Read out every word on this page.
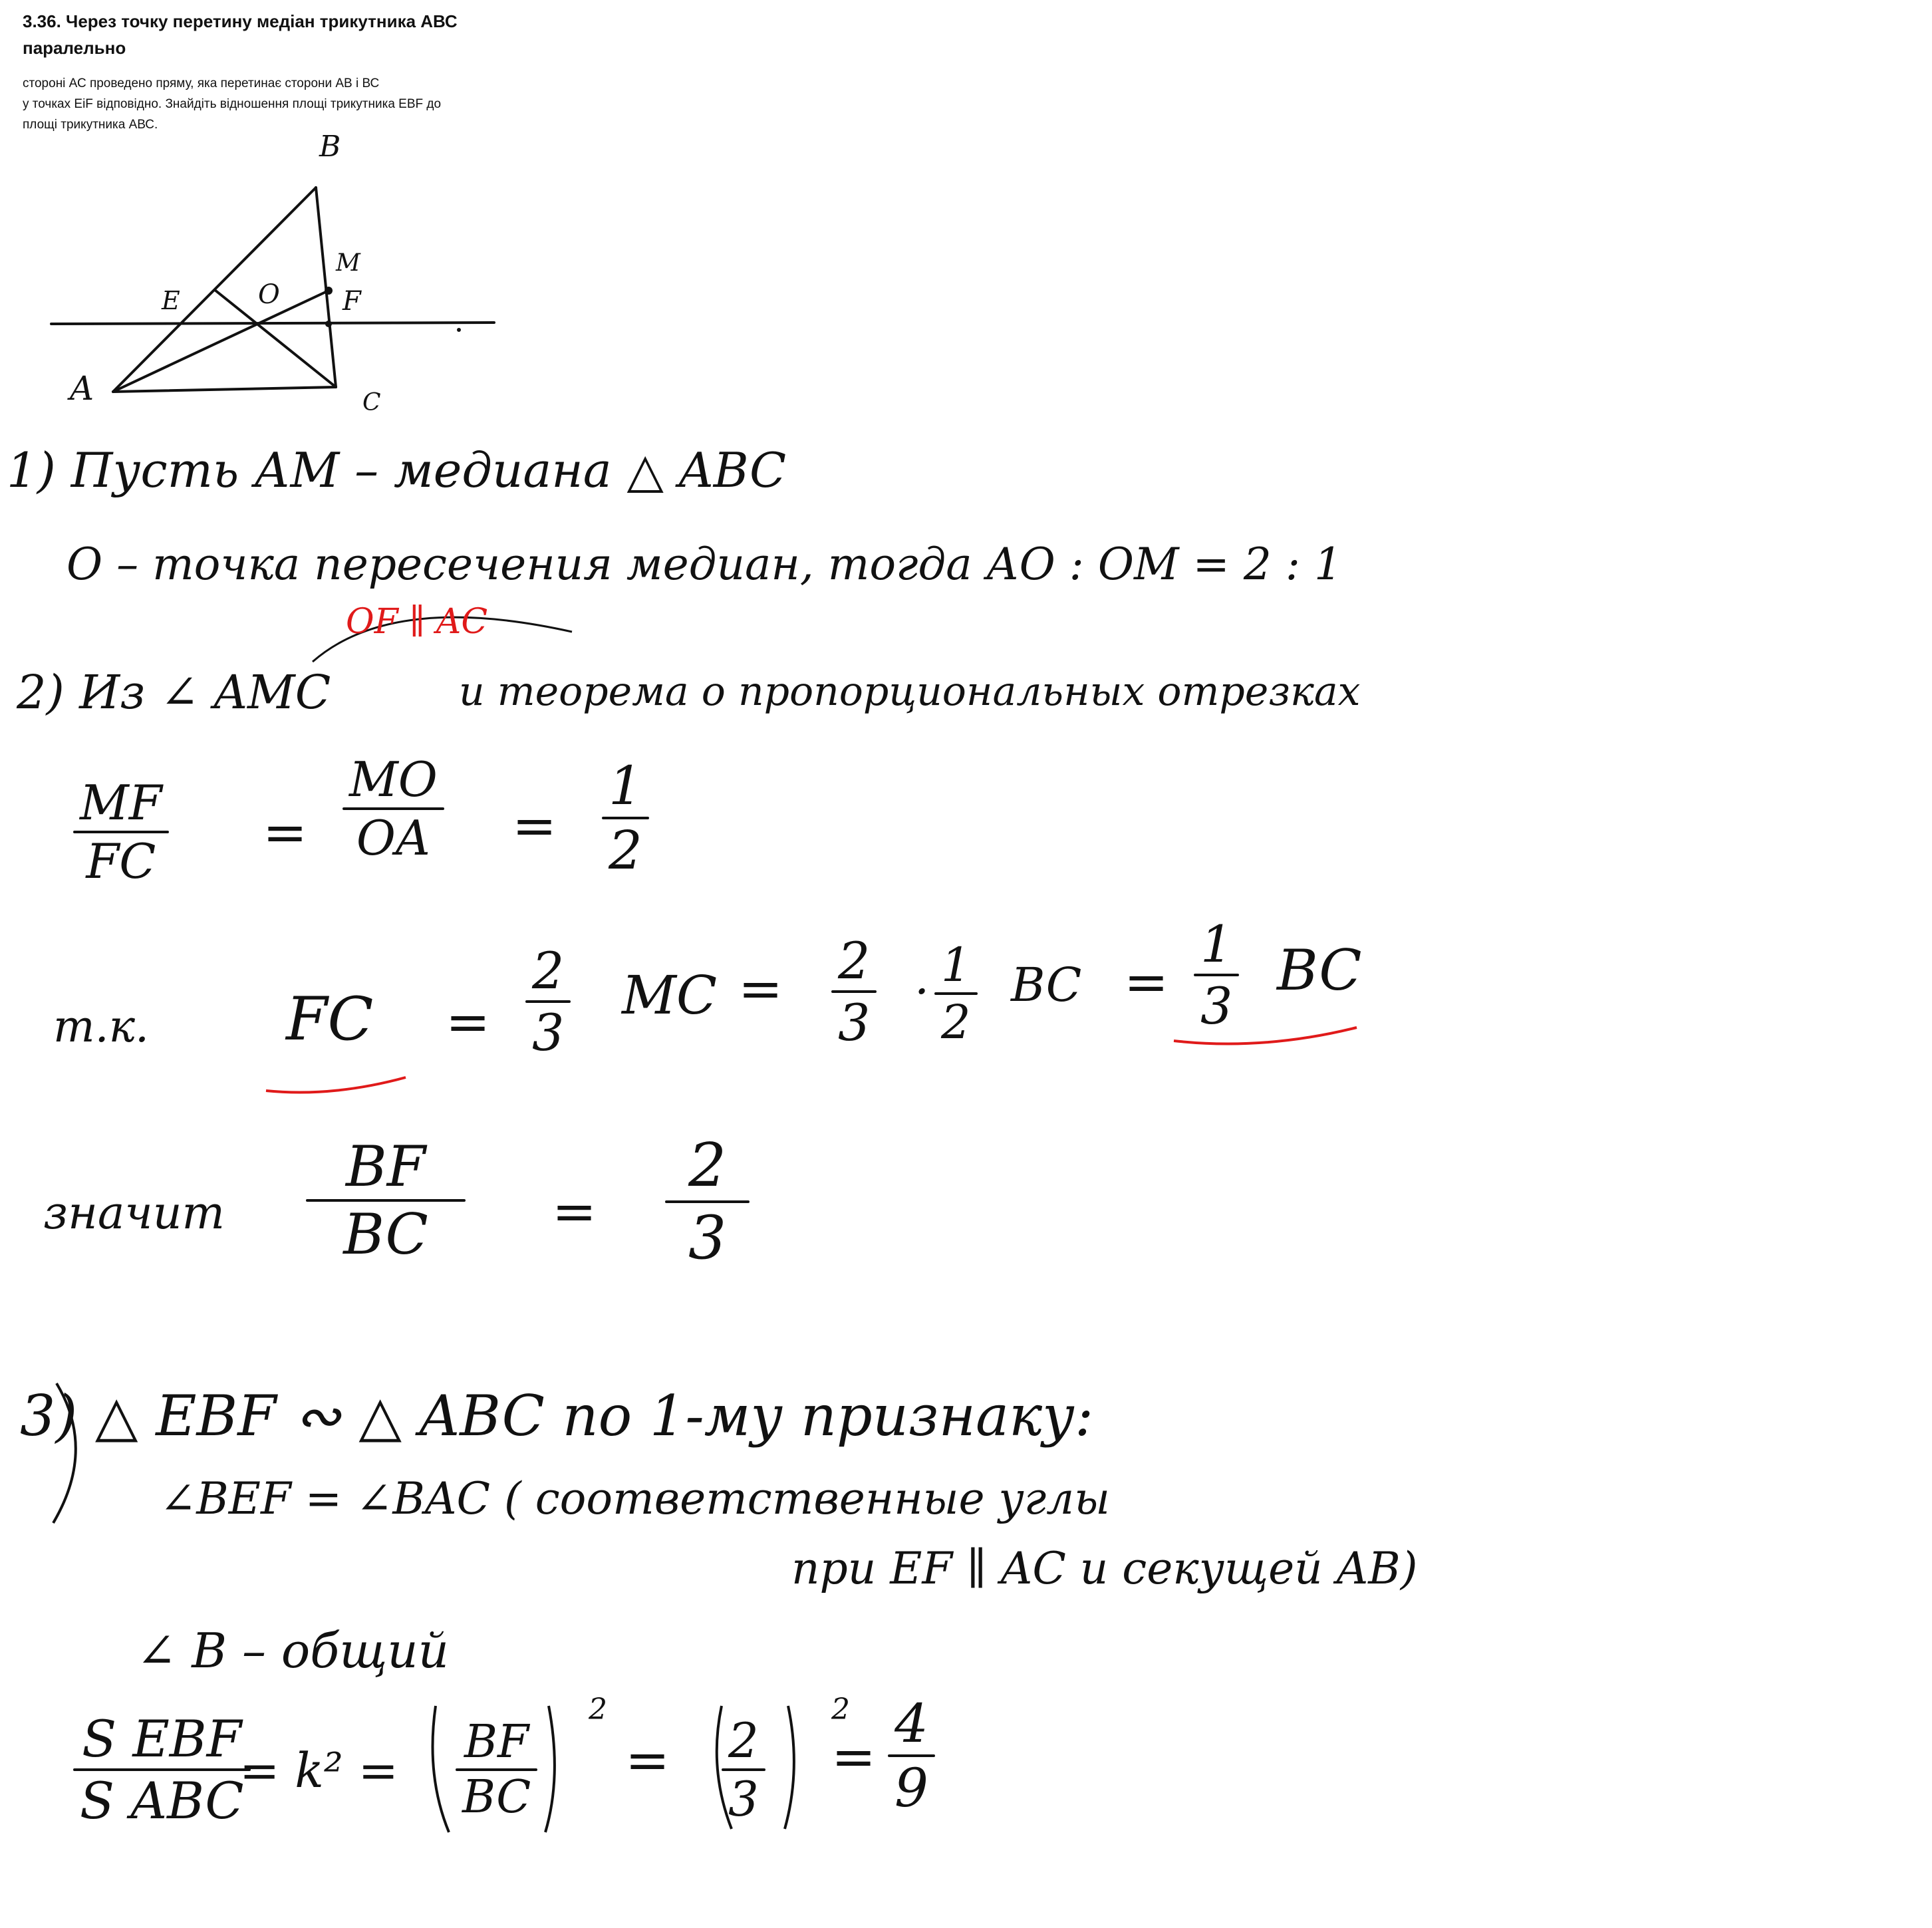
3.36. Через точку перетину медіан трикутника АВС паралельно

стороні АС проведено пряму, яка перетинає сторони АВ і ВС
у точках ЕіF відповідно. Знайдіть відношення площі трикутника ЕВF до
площі трикутника АВС.

B
M
E	O F
A	C
1) Пусть АМ – медиана △ ABC
О – точка пересечения медиан, тогда АО : ОМ = 2 : 1
OF ∥ AC
2) Из ∠ AMC	и теорема о пропорциональных отрезках
MF
FC =
MO
OA =
1
2
т.к. FC =
2
3
MC = 2
3
· 1
2
BC =
1
3
BC
значит
BF
BC =
2
3
3) △ EBF ∾ △ ABC по 1-му признаку:
∠BEF = ∠BAC ( соответственные углы
при EF ∥ AC и секущей AB)
∠ B – общий
S EBF
S ABC
= k² =
BF
BC
2
= 2
3
2
=
4
9
